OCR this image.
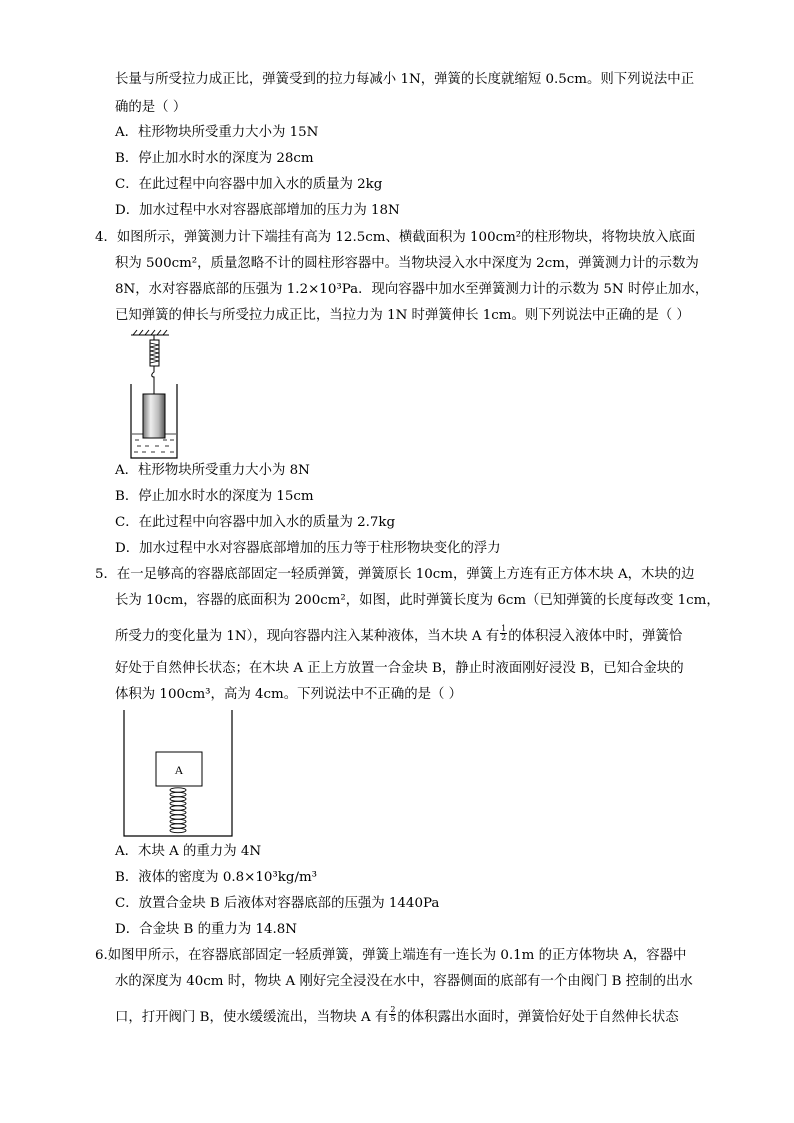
长量与所受拉力成正比，弹簧受到的拉力每减小 1N，弹簧的长度就缩短 0.5cm。则下列说法中正
确的是（ ）
A．柱形物块所受重力大小为 15N
B．停止加水时水的深度为 28cm
C．在此过程中向容器中加入水的质量为 2kg
D．加水过程中水对容器底部增加的压力为 18N
4．如图所示，弹簧测力计下端挂有高为 12.5cm、横截面积为 100cm²的柱形物块，将物块放入底面
积为 500cm²，质量忽略不计的圆柱形容器中。当物块浸入水中深度为 2cm，弹簧测力计的示数为
8N，水对容器底部的压强为 1.2×10³Pa．现向容器中加水至弹簧测力计的示数为 5N 时停止加水，
已知弹簧的伸长与所受拉力成正比，当拉力为 1N 时弹簧伸长 1cm。则下列说法中正确的是（ ）
A．柱形物块所受重力大小为 8N
B．停止加水时水的深度为 15cm
C．在此过程中向容器中加入水的质量为 2.7kg
D．加水过程中水对容器底部增加的压力等于柱形物块变化的浮力
5．在一足够高的容器底部固定一轻质弹簧，弹簧原长 10cm，弹簧上方连有正方体木块 A，木块的边
长为 10cm，容器的底面积为 200cm²，如图，此时弹簧长度为 6cm（已知弹簧的长度每改变 1cm，
所受力的变化量为 1N），现向容器内注入某种液体，当木块 A 有 $\frac{1}{2}$ 的体积浸入液体中时，弹簧恰
好处于自然伸长状态；在木块 A 正上方放置一合金块 B，静止时液面刚好浸没 B，已知合金块的
体积为 100cm³，高为 4cm。下列说法中不正确的是（ ）
A
A．木块 A 的重力为 4N
B．液体的密度为 0.8×10³kg/m³
C．放置合金块 B 后液体对容器底部的压强为 1440Pa
D．合金块 B 的重力为 14.8N
6.如图甲所示，在容器底部固定一轻质弹簧，弹簧上端连有一连长为 0.1m 的正方体物块 A，容器中
水的深度为 40cm 时，物块 A 刚好完全浸没在水中，容器侧面的底部有一个由阀门 B 控制的出水
口，打开阀门 B，使水缓缓流出，当物块 A 有 $\frac{2}{5}$ 的体积露出水面时，弹簧恰好处于自然伸长状态
